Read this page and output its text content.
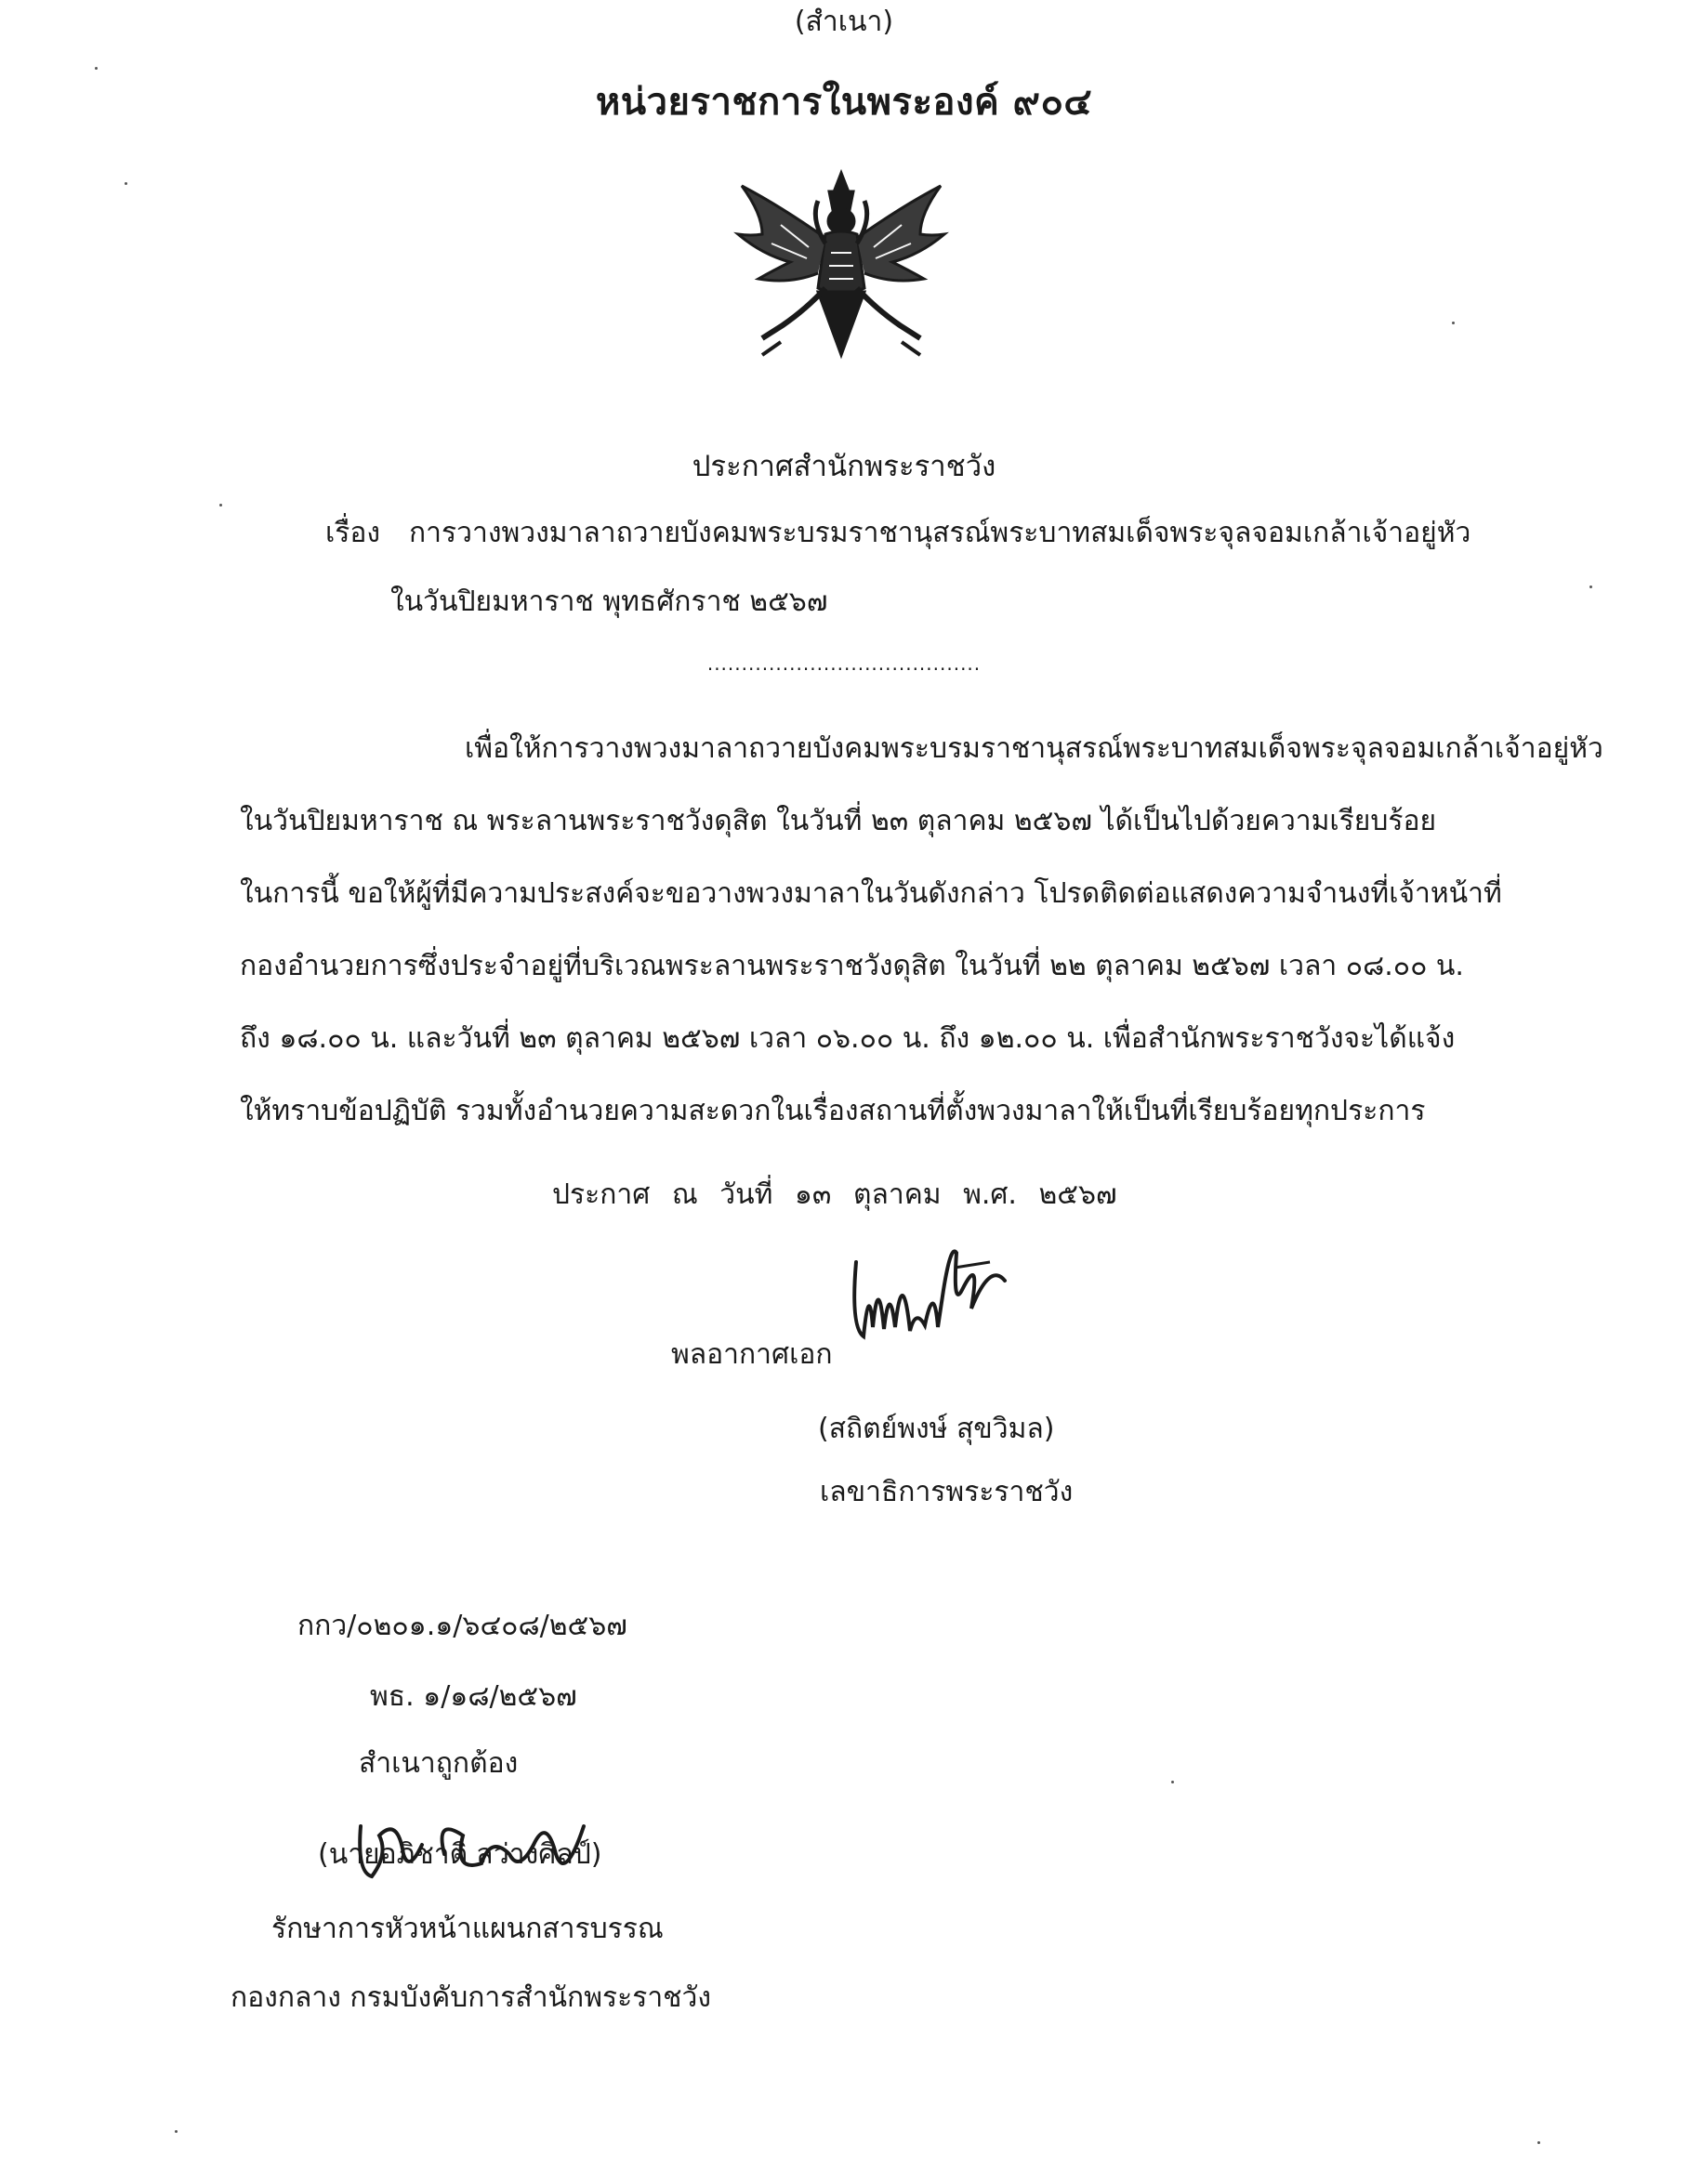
(สำเนา)
หน่วยราชการในพระองค์ ๙๐๔
ประกาศสำนักพระราชวัง
เรื่อง การวางพวงมาลาถวายบังคมพระบรมราชานุสรณ์พระบาทสมเด็จพระจุลจอมเกล้าเจ้าอยู่หัว
ในวันปิยมหาราช พุทธศักราช ๒๕๖๗
........................................
เพื่อให้การวางพวงมาลาถวายบังคมพระบรมราชานุสรณ์พระบาทสมเด็จพระจุลจอมเกล้าเจ้าอยู่หัว
ในวันปิยมหาราช ณ พระลานพระราชวังดุสิต ในวันที่ ๒๓ ตุลาคม ๒๕๖๗ ได้เป็นไปด้วยความเรียบร้อย
ในการนี้ ขอให้ผู้ที่มีความประสงค์จะขอวางพวงมาลาในวันดังกล่าว โปรดติดต่อแสดงความจำนงที่เจ้าหน้าที่
กองอำนวยการซึ่งประจำอยู่ที่บริเวณพระลานพระราชวังดุสิต ในวันที่ ๒๒ ตุลาคม ๒๕๖๗ เวลา ๐๘.๐๐ น.
ถึง ๑๘.๐๐ น. และวันที่ ๒๓ ตุลาคม ๒๕๖๗ เวลา ๐๖.๐๐ น. ถึง ๑๒.๐๐ น. เพื่อสำนักพระราชวังจะได้แจ้ง
ให้ทราบข้อปฏิบัติ รวมทั้งอำนวยความสะดวกในเรื่องสถานที่ตั้งพวงมาลาให้เป็นที่เรียบร้อยทุกประการ
ประกาศ ณ วันที่ ๑๓ ตุลาคม พ.ศ. ๒๕๖๗
พลอากาศเอก
(สถิตย์พงษ์ สุขวิมล)
เลขาธิการพระราชวัง
กกว/๐๒๐๑.๑/๖๔๐๘/๒๕๖๗
พธ. ๑/๑๘/๒๕๖๗
สำเนาถูกต้อง
(นายอภิชาติ สว่างศิลป์)
รักษาการหัวหน้าแผนกสารบรรณ
กองกลาง กรมบังคับการสำนักพระราชวัง
